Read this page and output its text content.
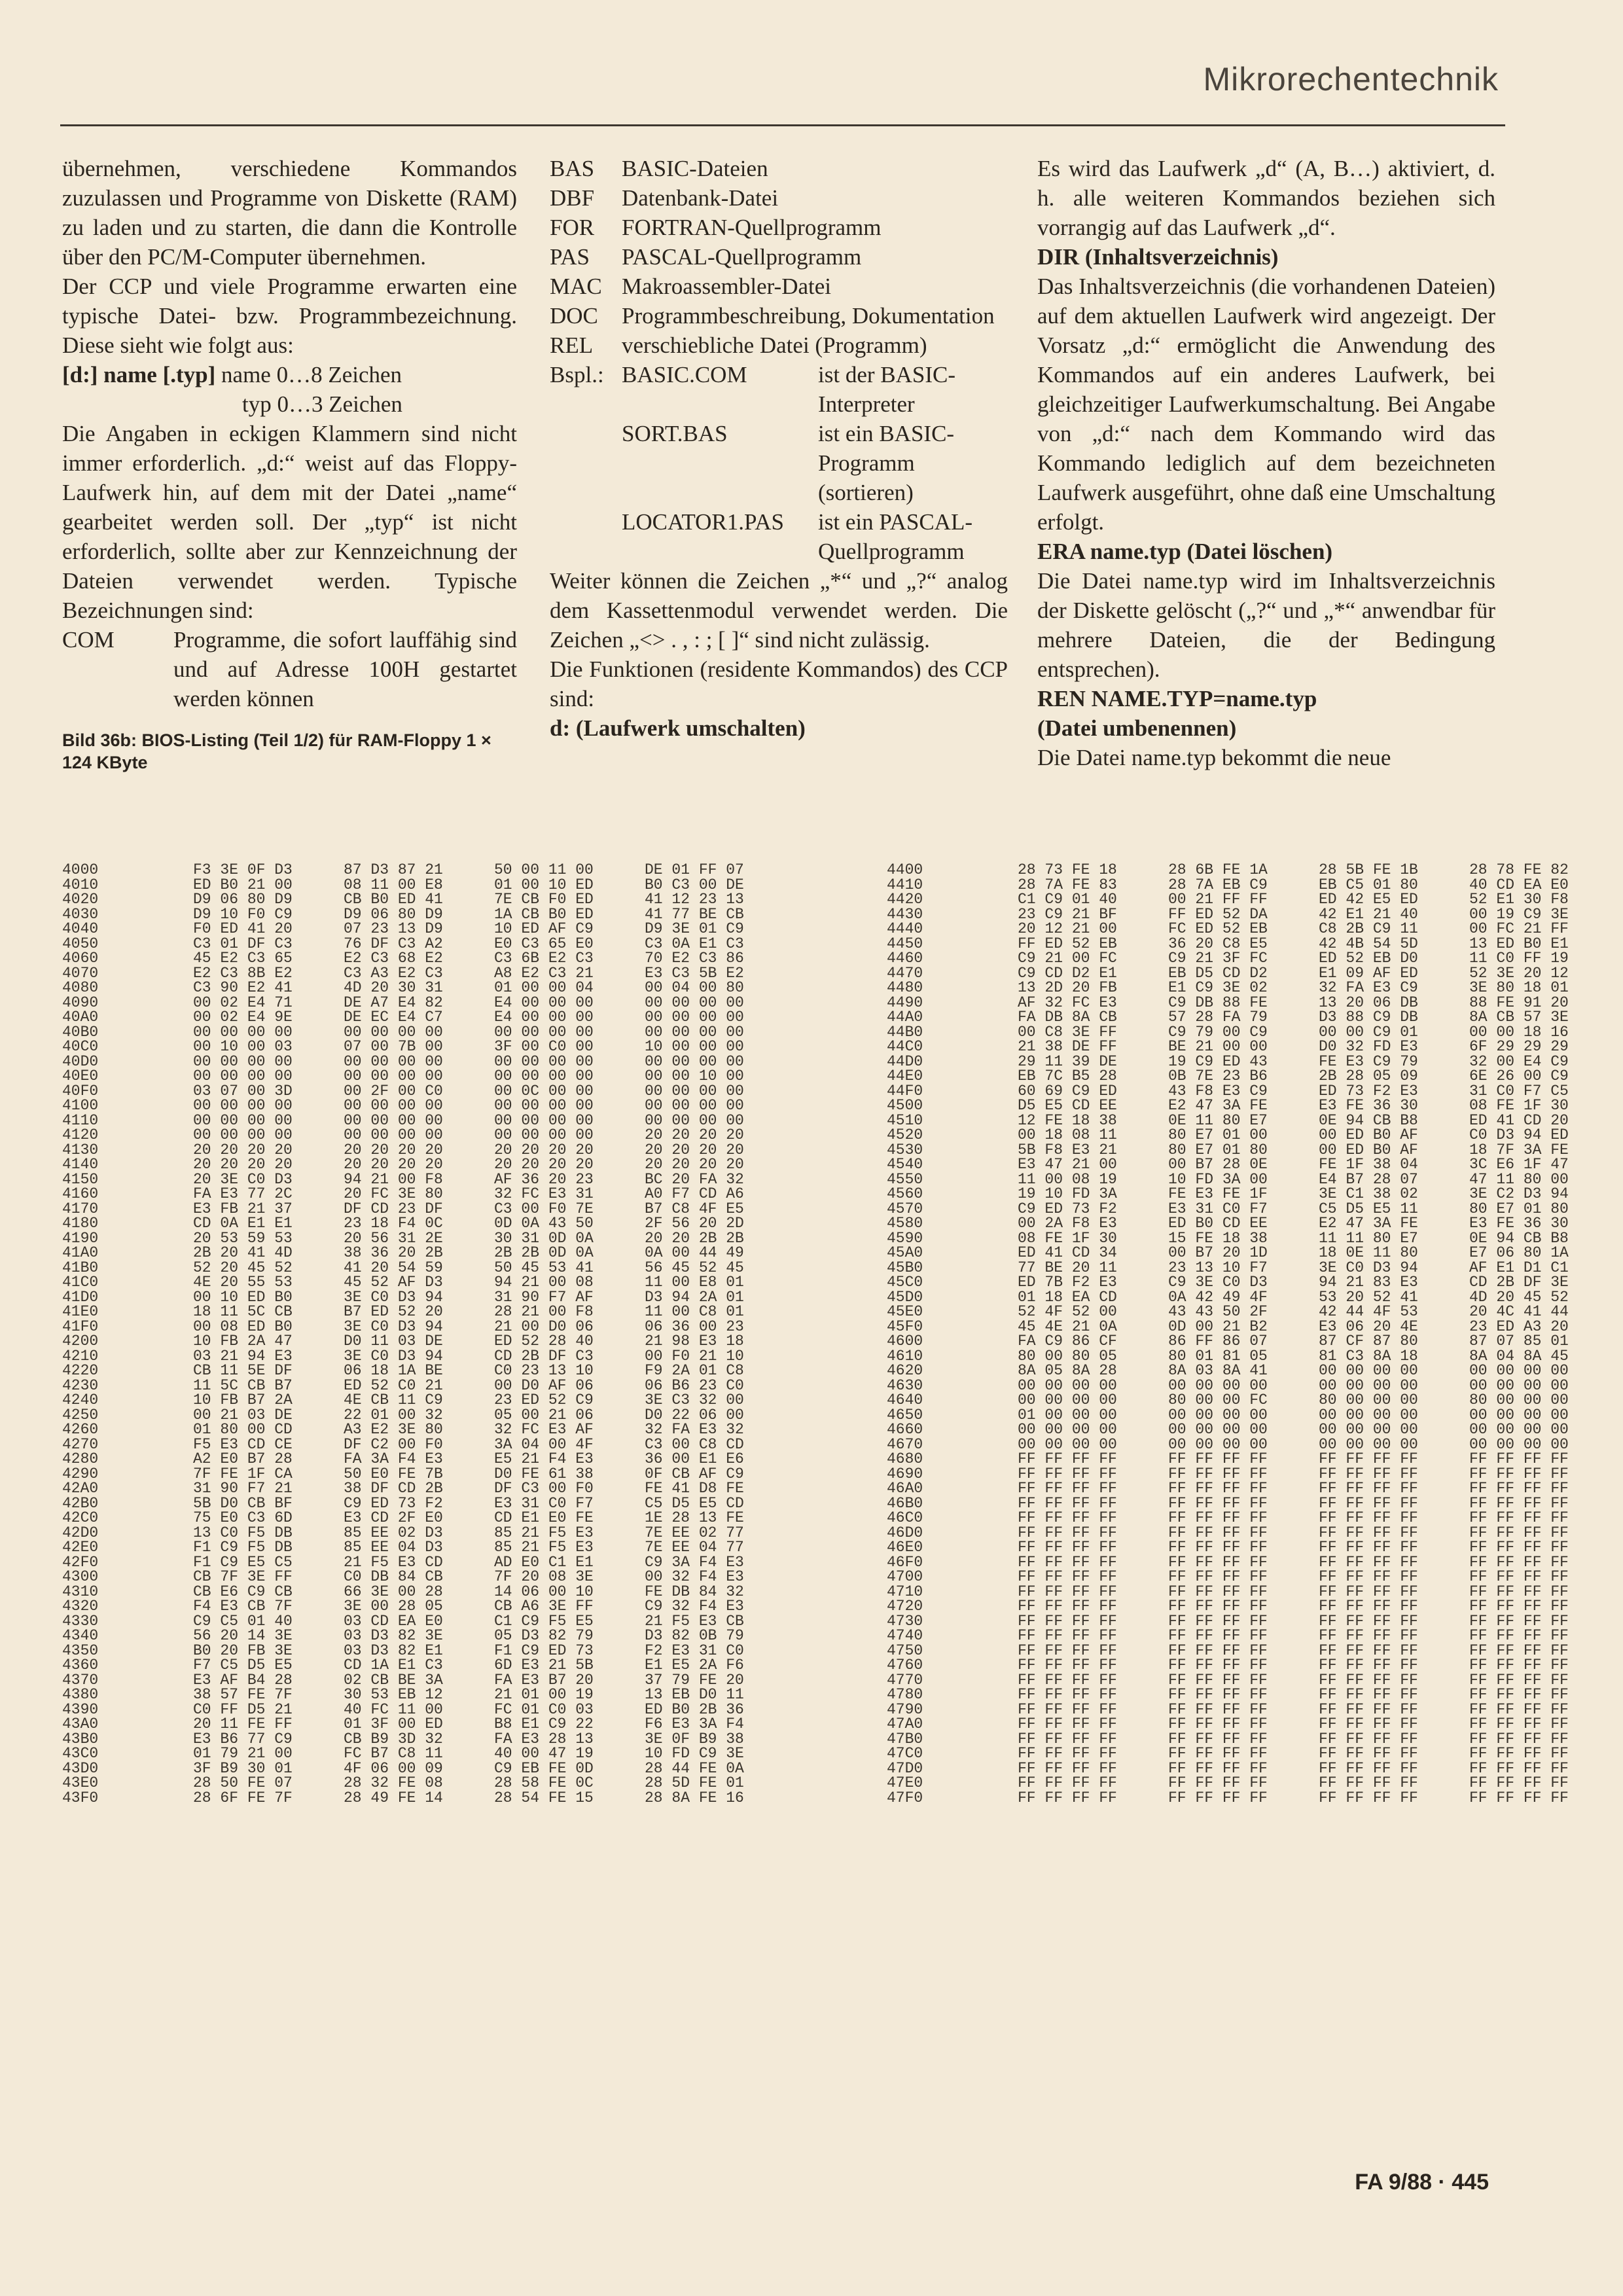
Mikrorechentechnik

übernehmen, verschiedene Kommandos zuzulassen und Programme von Diskette (RAM) zu laden und zu starten, die dann die Kontrolle über den PC/M-Computer übernehmen.

Der CCP und viele Programme erwarten eine typische Datei- bzw. Programmbezeichnung. Diese sieht wie folgt aus:

[d:] name [.typ] name 0…8 Zeichen

typ 0…3 Zeichen

Die Angaben in eckigen Klammern sind nicht immer erforderlich. „d:“ weist auf das Floppy-Laufwerk hin, auf dem mit der Datei „name“ gearbeitet werden soll. Der „typ“ ist nicht erforderlich, sollte aber zur Kennzeichnung der Dateien verwendet werden. Typische Bezeichnungen sind:

COM	Programme, die sofort lauffähig sind und auf Adresse 100H gestartet werden können
Bild 36b: BIOS-Listing (Teil 1/2) für RAM-Floppy 1 × 124 KByte
BAS	BASIC-Dateien
DBF	Datenbank-Datei
FOR	FORTRAN-Quellprogramm
PAS	PASCAL-Quellprogramm
MAC Makroassembler-Datei
DOC	Programmbeschreibung, Dokumentation
REL	verschiebliche Datei (Programm)
Bspl.: BASIC.COM	ist der BASIC-Interpreter
SORT.BAS	ist ein BASIC-Programm (sortieren)
LOCATOR1.PAS	ist ein PASCAL-Quellprogramm

Weiter können die Zeichen „*“ und „?“ analog dem Kassettenmodul verwendet werden. Die Zeichen „<> . , : ; [ ]“ sind nicht zulässig.

Die Funktionen (residente Kommandos) des CCP sind:

d: (Laufwerk umschalten)

Es wird das Laufwerk „d“ (A, B…) aktiviert, d. h. alle weiteren Kommandos beziehen sich vorrangig auf das Laufwerk „d“.

DIR (Inhaltsverzeichnis)

Das Inhaltsverzeichnis (die vorhandenen Dateien) auf dem aktuellen Laufwerk wird angezeigt. Der Vorsatz „d:“ ermöglicht die Anwendung des Kommandos auf ein anderes Laufwerk, bei gleichzeitiger Laufwerkumschaltung. Bei Angabe von „d:“ nach dem Kommando wird das Kommando lediglich auf dem bezeichneten Laufwerk ausgeführt, ohne daß eine Umschaltung erfolgt.

ERA name.typ (Datei löschen)

Die Datei name.typ wird im Inhaltsverzeichnis der Diskette gelöscht („?“ und „*“ anwendbar für mehrere Dateien, die der Bedingung entsprechen).

REN NAME.TYP=name.typ

(Datei umbenennen)

Die Datei name.typ bekommt die neue

4000	F3 3E 0F D3	87 D3 87 21	50 00 11 00	DE 01 FF 07	4400	28 73 FE 18	28 6B FE 1A	28 5B FE 1B	28 78 FE 82
4010	ED B0 21 00	08 11 00 E8	01 00 10 ED	B0 C3 00 DE	4410	28 7A FE 83	28 7A EB C9	EB C5 01 80	40 CD EA E0
4020	D9 06 80 D9	CB B0 ED 41	7E CB F0 ED	41 12 23 13	4420	C1 C9 01 40	00 21 FF FF	ED 42 E5 ED	52 E1 30 F8
4030	D9 10 F0 C9	D9 06 80 D9	1A CB B0 ED	41 77 BE CB	4430	23 C9 21 BF	FF ED 52 DA	42 E1 21 40	00 19 C9 3E
4040	F0 ED 41 20	07 23 13 D9	10 ED AF C9	D9 3E 01 C9	4440	20 12 21 00	FC ED 52 EB	C8 2B C9 11	00 FC 21 FF
4050	C3 01 DF C3	76 DF C3 A2	E0 C3 65 E0	C3 0A E1 C3	4450	FF ED 52 EB	36 20 C8 E5	42 4B 54 5D	13 ED B0 E1
4060	45 E2 C3 65	E2 C3 68 E2	C3 6B E2 C3	70 E2 C3 86	4460	C9 21 00 FC	C9 21 3F FC	ED 52 EB D0	11 C0 FF 19
4070	E2 C3 8B E2	C3 A3 E2 C3	A8 E2 C3 21	E3 C3 5B E2	4470	C9 CD D2 E1	EB D5 CD D2	E1 09 AF ED	52 3E 20 12
4080	C3 90 E2 41	4D 20 30 31	01 00 00 04	00 04 00 80	4480	13 2D 20 FB	E1 C9 3E 02	32 FA E3 C9	3E 80 18 01
4090	00 02 E4 71	DE A7 E4 82	E4 00 00 00	00 00 00 00	4490	AF 32 FC E3	C9 DB 88 FE	13 20 06 DB	88 FE 91 20
40A0	00 02 E4 9E	DE EC E4 C7	E4 00 00 00	00 00 00 00	44A0	FA DB 8A CB	57 28 FA 79	D3 88 C9 DB	8A CB 57 3E
40B0	00 00 00 00	00 00 00 00	00 00 00 00	00 00 00 00	44B0	00 C8 3E FF	C9 79 00 C9	00 00 C9 01	00 00 18 16
40C0	00 10 00 03	07 00 7B 00	3F 00 C0 00	10 00 00 00	44C0	21 38 DE FF	BE 21 00 00	D0 32 FD E3	6F 29 29 29
40D0	00 00 00 00	00 00 00 00	00 00 00 00	00 00 00 00	44D0	29 11 39 DE	19 C9 ED 43	FE E3 C9 79	32 00 E4 C9
40E0	00 00 00 00	00 00 00 00	00 00 00 00	00 00 10 00	44E0	EB 7C B5 28	0B 7E 23 B6	2B 28 05 09	6E 26 00 C9
40F0	03 07 00 3D	00 2F 00 C0	00 0C 00 00	00 00 00 00	44F0	60 69 C9 ED	43 F8 E3 C9	ED 73 F2 E3	31 C0 F7 C5
4100	00 00 00 00	00 00 00 00	00 00 00 00	00 00 00 00	4500	D5 E5 CD EE	E2 47 3A FE	E3 FE 36 30	08 FE 1F 30
4110	00 00 00 00	00 00 00 00	00 00 00 00	00 00 00 00	4510	12 FE 18 38	0E 11 80 E7	0E 94 CB B8	ED 41 CD 20
4120	00 00 00 00	00 00 00 00	00 00 00 00	20 20 20 20	4520	00 18 08 11	80 E7 01 00	00 ED B0 AF	C0 D3 94 ED
4130	20 20 20 20	20 20 20 20	20 20 20 20	20 20 20 20	4530	5B F8 E3 21	80 E7 01 80	00 ED B0 AF	18 7F 3A FE
4140	20 20 20 20	20 20 20 20	20 20 20 20	20 20 20 20	4540	E3 47 21 00	00 B7 28 0E	FE 1F 38 04	3C E6 1F 47
4150	20 3E C0 D3	94 21 00 F8	AF 36 20 23	BC 20 FA 32	4550	11 00 08 19	10 FD 3A 00	E4 B7 28 07	47 11 80 00
4160	FA E3 77 2C	20 FC 3E 80	32 FC E3 31	A0 F7 CD A6	4560	19 10 FD 3A	FE E3 FE 1F	3E C1 38 02	3E C2 D3 94
4170	E3 FB 21 37	DF CD 23 DF	C3 00 F0 7E	B7 C8 4F E5	4570	C9 ED 73 F2	E3 31 C0 F7	C5 D5 E5 11	80 E7 01 80
4180	CD 0A E1 E1	23 18 F4 0C	0D 0A 43 50	2F 56 20 2D	4580	00 2A F8 E3	ED B0 CD EE	E2 47 3A FE	E3 FE 36 30
4190	20 53 59 53	20 56 31 2E	30 31 0D 0A	20 20 2B 2B	4590	08 FE 1F 30	15 FE 18 38	11 11 80 E7	0E 94 CB B8
41A0	2B 20 41 4D	38 36 20 2B	2B 2B 0D 0A	0A 00 44 49	45A0	ED 41 CD 34	00 B7 20 1D	18 0E 11 80	E7 06 80 1A
41B0	52 20 45 52	41 20 54 59	50 45 53 41	56 45 52 45	45B0	77 BE 20 11	23 13 10 F7	3E C0 D3 94	AF E1 D1 C1
41C0	4E 20 55 53	45 52 AF D3	94 21 00 08	11 00 E8 01	45C0	ED 7B F2 E3	C9 3E C0 D3	94 21 83 E3	CD 2B DF 3E
41D0	00 10 ED B0	3E C0 D3 94	31 90 F7 AF	D3 94 2A 01	45D0	01 18 EA CD	0A 42 49 4F	53 20 52 41	4D 20 45 52
41E0	18 11 5C CB	B7 ED 52 20	28 21 00 F8	11 00 C8 01	45E0	52 4F 52 00	43 43 50 2F	42 44 4F 53	20 4C 41 44
41F0	00 08 ED B0	3E C0 D3 94	21 00 D0 06	06 36 00 23	45F0	45 4E 21 0A	0D 00 21 B2	E3 06 20 4E	23 ED A3 20
4200	10 FB 2A 47	D0 11 03 DE	ED 52 28 40	21 98 E3 18	4600	FA C9 86 CF	86 FF 86 07	87 CF 87 80	87 07 85 01
4210	03 21 94 E3	3E C0 D3 94	CD 2B DF C3	00 F0 21 10	4610	80 00 80 05	80 01 81 05	81 C3 8A 18	8A 04 8A 45
4220	CB 11 5E DF	06 18 1A BE	C0 23 13 10	F9 2A 01 C8	4620	8A 05 8A 28	8A 03 8A 41	00 00 00 00	00 00 00 00
4230	11 5C CB B7	ED 52 C0 21	00 D0 AF 06	06 B6 23 C0	4630	00 00 00 00	00 00 00 00	00 00 00 00	00 00 00 00
4240	10 FB B7 2A	4E CB 11 C9	23 ED 52 C9	3E C3 32 00	4640	00 00 00 00	80 00 00 FC	80 00 00 00	80 00 00 00
4250	00 21 03 DE	22 01 00 32	05 00 21 06	D0 22 06 00	4650	01 00 00 00	00 00 00 00	00 00 00 00	00 00 00 00
4260	01 80 00 CD	A3 E2 3E 80	32 FC E3 AF	32 FA E3 32	4660	00 00 00 00	00 00 00 00	00 00 00 00	00 00 00 00
4270	F5 E3 CD CE	DF C2 00 F0	3A 04 00 4F	C3 00 C8 CD	4670	00 00 00 00	00 00 00 00	00 00 00 00	00 00 00 00
4280	A2 E0 B7 28	FA 3A F4 E3	E5 21 F4 E3	36 00 E1 E6	4680	FF FF FF FF	FF FF FF FF	FF FF FF FF	FF FF FF FF
4290	7F FE 1F CA	50 E0 FE 7B	D0 FE 61 38	0F CB AF C9	4690	FF FF FF FF	FF FF FF FF	FF FF FF FF	FF FF FF FF
42A0	31 90 F7 21	38 DF CD 2B	DF C3 00 F0	FE 41 D8 FE	46A0	FF FF FF FF	FF FF FF FF	FF FF FF FF	FF FF FF FF
42B0	5B D0 CB BF	C9 ED 73 F2	E3 31 C0 F7	C5 D5 E5 CD	46B0	FF FF FF FF	FF FF FF FF	FF FF FF FF	FF FF FF FF
42C0	75 E0 C3 6D	E3 CD 2F E0	CD E1 E0 FE	1E 28 13 FE	46C0	FF FF FF FF	FF FF FF FF	FF FF FF FF	FF FF FF FF
42D0	13 C0 F5 DB	85 EE 02 D3	85 21 F5 E3	7E EE 02 77	46D0	FF FF FF FF	FF FF FF FF	FF FF FF FF	FF FF FF FF
42E0	F1 C9 F5 DB	85 EE 04 D3	85 21 F5 E3	7E EE 04 77	46E0	FF FF FF FF	FF FF FF FF	FF FF FF FF	FF FF FF FF
42F0	F1 C9 E5 C5	21 F5 E3 CD	AD E0 C1 E1	C9 3A F4 E3	46F0	FF FF FF FF	FF FF FF FF	FF FF FF FF	FF FF FF FF
4300	CB 7F 3E FF	C0 DB 84 CB	7F 20 08 3E	00 32 F4 E3	4700	FF FF FF FF	FF FF FF FF	FF FF FF FF	FF FF FF FF
4310	CB E6 C9 CB	66 3E 00 28	14 06 00 10	FE DB 84 32	4710	FF FF FF FF	FF FF FF FF	FF FF FF FF	FF FF FF FF
4320	F4 E3 CB 7F	3E 00 28 05	CB A6 3E FF	C9 32 F4 E3	4720	FF FF FF FF	FF FF FF FF	FF FF FF FF	FF FF FF FF
4330	C9 C5 01 40	03 CD EA E0	C1 C9 F5 E5	21 F5 E3 CB	4730	FF FF FF FF	FF FF FF FF	FF FF FF FF	FF FF FF FF
4340	56 20 14 3E	03 D3 82 3E	05 D3 82 79	D3 82 0B 79	4740	FF FF FF FF	FF FF FF FF	FF FF FF FF	FF FF FF FF
4350	B0 20 FB 3E	03 D3 82 E1	F1 C9 ED 73	F2 E3 31 C0	4750	FF FF FF FF	FF FF FF FF	FF FF FF FF	FF FF FF FF
4360	F7 C5 D5 E5	CD 1A E1 C3	6D E3 21 5B	E1 E5 2A F6	4760	FF FF FF FF	FF FF FF FF	FF FF FF FF	FF FF FF FF
4370	E3 AF B4 28	02 CB BE 3A	FA E3 B7 20	37 79 FE 20	4770	FF FF FF FF	FF FF FF FF	FF FF FF FF	FF FF FF FF
4380	38 57 FE 7F	30 53 EB 12	21 01 00 19	13 EB D0 11	4780	FF FF FF FF	FF FF FF FF	FF FF FF FF	FF FF FF FF
4390	C0 FF D5 21	40 FC 11 00	FC 01 C0 03	ED B0 2B 36	4790	FF FF FF FF	FF FF FF FF	FF FF FF FF	FF FF FF FF
43A0	20 11 FE FF	01 3F 00 ED	B8 E1 C9 22	F6 E3 3A F4	47A0	FF FF FF FF	FF FF FF FF	FF FF FF FF	FF FF FF FF
43B0	E3 B6 77 C9	CB B9 3D 32	FA E3 28 13	3E 0F B9 38	47B0	FF FF FF FF	FF FF FF FF	FF FF FF FF	FF FF FF FF
43C0	01 79 21 00	FC B7 C8 11	40 00 47 19	10 FD C9 3E	47C0	FF FF FF FF	FF FF FF FF	FF FF FF FF	FF FF FF FF
43D0	3F B9 30 01	4F 06 00 09	C9 EB FE 0D	28 44 FE 0A	47D0	FF FF FF FF	FF FF FF FF	FF FF FF FF	FF FF FF FF
43E0	28 50 FE 07	28 32 FE 08	28 58 FE 0C	28 5D FE 01	47E0	FF FF FF FF	FF FF FF FF	FF FF FF FF	FF FF FF FF
43F0	28 6F FE 7F	28 49 FE 14	28 54 FE 15	28 8A FE 16	47F0	FF FF FF FF	FF FF FF FF	FF FF FF FF	FF FF FF FF
FA 9/88 · 445
